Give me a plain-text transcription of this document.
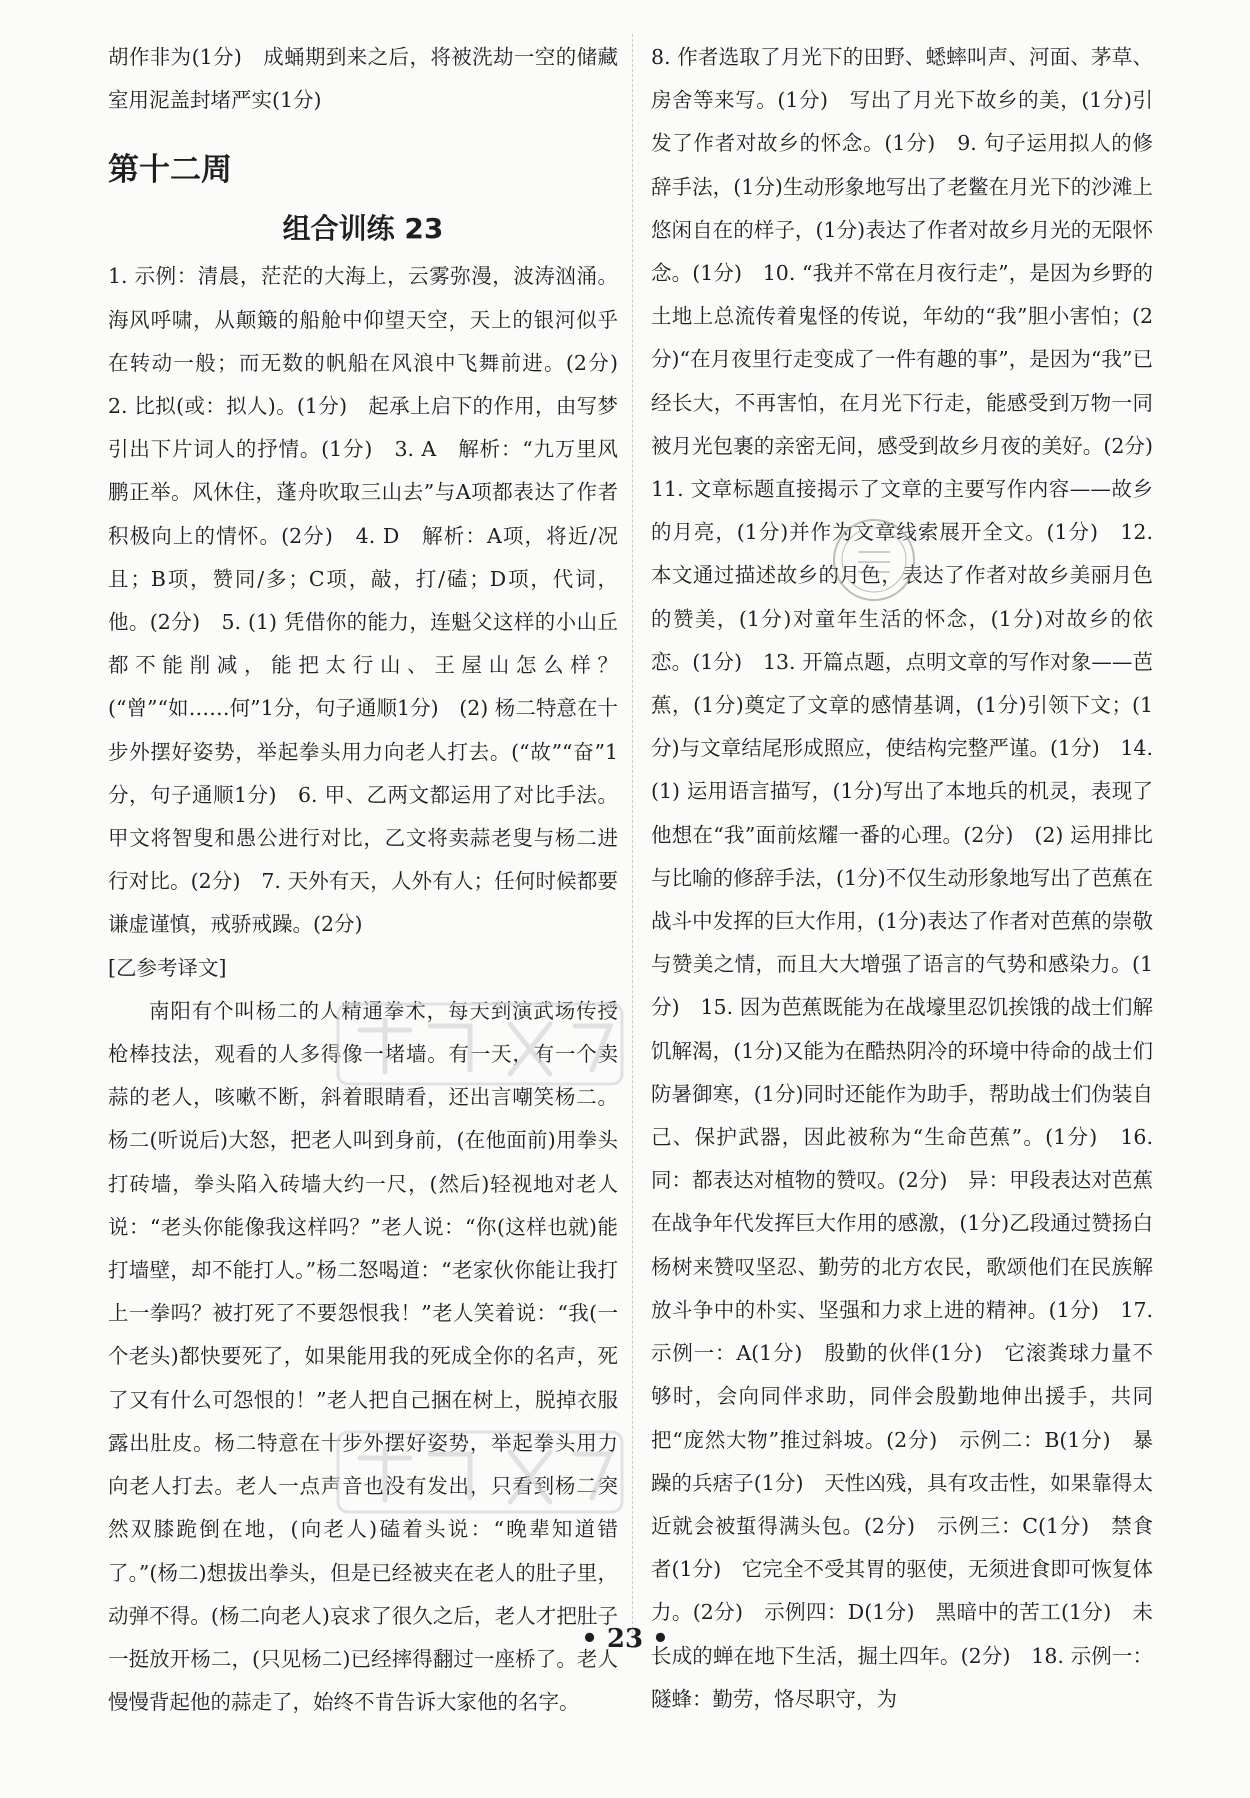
胡作非为(1分)　成蛹期到来之后，将被洗劫一空的储藏室用泥盖封堵严实(1分)

第十二周
组合训练 23

1. 示例：清晨，茫茫的大海上，云雾弥漫，波涛汹涌。海风呼啸，从颠簸的船舱中仰望天空，天上的银河似乎在转动一般；而无数的帆船在风浪中飞舞前进。(2分)　2. 比拟(或：拟人)。(1分)　起承上启下的作用，由写梦引出下片词人的抒情。(1分)　3. A　解析：“九万里风鹏正举。风休住，蓬舟吹取三山去”与A项都表达了作者积极向上的情怀。(2分)　4. D　解析：A项，将近/况且；B项，赞同/多；C项，敲，打/磕；D项，代词，他。(2分)　5. (1) 凭借你的能力，连魁父这样的小山丘都不能削减，能把太行山、王屋山怎么样？(“曾”“如……何”1分，句子通顺1分)　(2) 杨二特意在十步外摆好姿势，举起拳头用力向老人打去。(“故”“奋”1分，句子通顺1分)　6. 甲、乙两文都运用了对比手法。甲文将智叟和愚公进行对比，乙文将卖蒜老叟与杨二进行对比。(2分)　7. 天外有天，人外有人；任何时候都要谦虚谨慎，戒骄戒躁。(2分)

[乙参考译文]

南阳有个叫杨二的人精通拳术，每天到演武场传授枪棒技法，观看的人多得像一堵墙。有一天，有一个卖蒜的老人，咳嗽不断，斜着眼睛看，还出言嘲笑杨二。杨二(听说后)大怒，把老人叫到身前，(在他面前)用拳头打砖墙，拳头陷入砖墙大约一尺，(然后)轻视地对老人说：“老头你能像我这样吗？”老人说：“你(这样也就)能打墙壁，却不能打人。”杨二怒喝道：“老家伙你能让我打上一拳吗？被打死了不要怨恨我！”老人笑着说：“我(一个老头)都快要死了，如果能用我的死成全你的名声，死了又有什么可怨恨的！”老人把自己捆在树上，脱掉衣服露出肚皮。杨二特意在十步外摆好姿势，举起拳头用力向老人打去。老人一点声音也没有发出，只看到杨二突然双膝跪倒在地，(向老人)磕着头说：“晚辈知道错了。”(杨二)想拔出拳头，但是已经被夹在老人的肚子里，动弹不得。(杨二向老人)哀求了很久之后，老人才把肚子一挺放开杨二，(只见杨二)已经摔得翻过一座桥了。老人慢慢背起他的蒜走了，始终不肯告诉大家他的名字。

8. 作者选取了月光下的田野、蟋蟀叫声、河面、茅草、房舍等来写。(1分)　写出了月光下故乡的美，(1分)引发了作者对故乡的怀念。(1分)　9. 句子运用拟人的修辞手法，(1分)生动形象地写出了老鳖在月光下的沙滩上悠闲自在的样子，(1分)表达了作者对故乡月光的无限怀念。(1分)　10. “我并不常在月夜行走”，是因为乡野的土地上总流传着鬼怪的传说，年幼的“我”胆小害怕；(2分)“在月夜里行走变成了一件有趣的事”，是因为“我”已经长大，不再害怕，在月光下行走，能感受到万物一同被月光包裹的亲密无间，感受到故乡月夜的美好。(2分)　11. 文章标题直接揭示了文章的主要写作内容——故乡的月亮，(1分)并作为文章线索展开全文。(1分)　12. 本文通过描述故乡的月色，表达了作者对故乡美丽月色的赞美，(1分)对童年生活的怀念，(1分)对故乡的依恋。(1分)　13. 开篇点题，点明文章的写作对象——芭蕉，(1分)奠定了文章的感情基调，(1分)引领下文；(1分)与文章结尾形成照应，使结构完整严谨。(1分)　14. (1) 运用语言描写，(1分)写出了本地兵的机灵，表现了他想在“我”面前炫耀一番的心理。(2分)　(2) 运用排比与比喻的修辞手法，(1分)不仅生动形象地写出了芭蕉在战斗中发挥的巨大作用，(1分)表达了作者对芭蕉的崇敬与赞美之情，而且大大增强了语言的气势和感染力。(1分)　15. 因为芭蕉既能为在战壕里忍饥挨饿的战士们解饥解渴，(1分)又能为在酷热阴冷的环境中待命的战士们防暑御寒，(1分)同时还能作为助手，帮助战士们伪装自己、保护武器，因此被称为“生命芭蕉”。(1分)　16. 同：都表达对植物的赞叹。(2分)　异：甲段表达对芭蕉在战争年代发挥巨大作用的感激，(1分)乙段通过赞扬白杨树来赞叹坚忍、勤劳的北方农民，歌颂他们在民族解放斗争中的朴实、坚强和力求上进的精神。(1分)　17. 示例一：A(1分)　殷勤的伙伴(1分)　它滚粪球力量不够时，会向同伴求助，同伴会殷勤地伸出援手，共同把“庞然大物”推过斜坡。(2分)　示例二：B(1分)　暴躁的兵痞子(1分)　天性凶残，具有攻击性，如果靠得太近就会被蜇得满头包。(2分)　示例三：C(1分)　禁食者(1分)　它完全不受其胃的驱使，无须进食即可恢复体力。(2分)　示例四：D(1分)　黑暗中的苦工(1分)　未长成的蝉在地下生活，掘土四年。(2分)　18. 示例一：隧蜂：勤劳，恪尽职守，为

• 23 •
